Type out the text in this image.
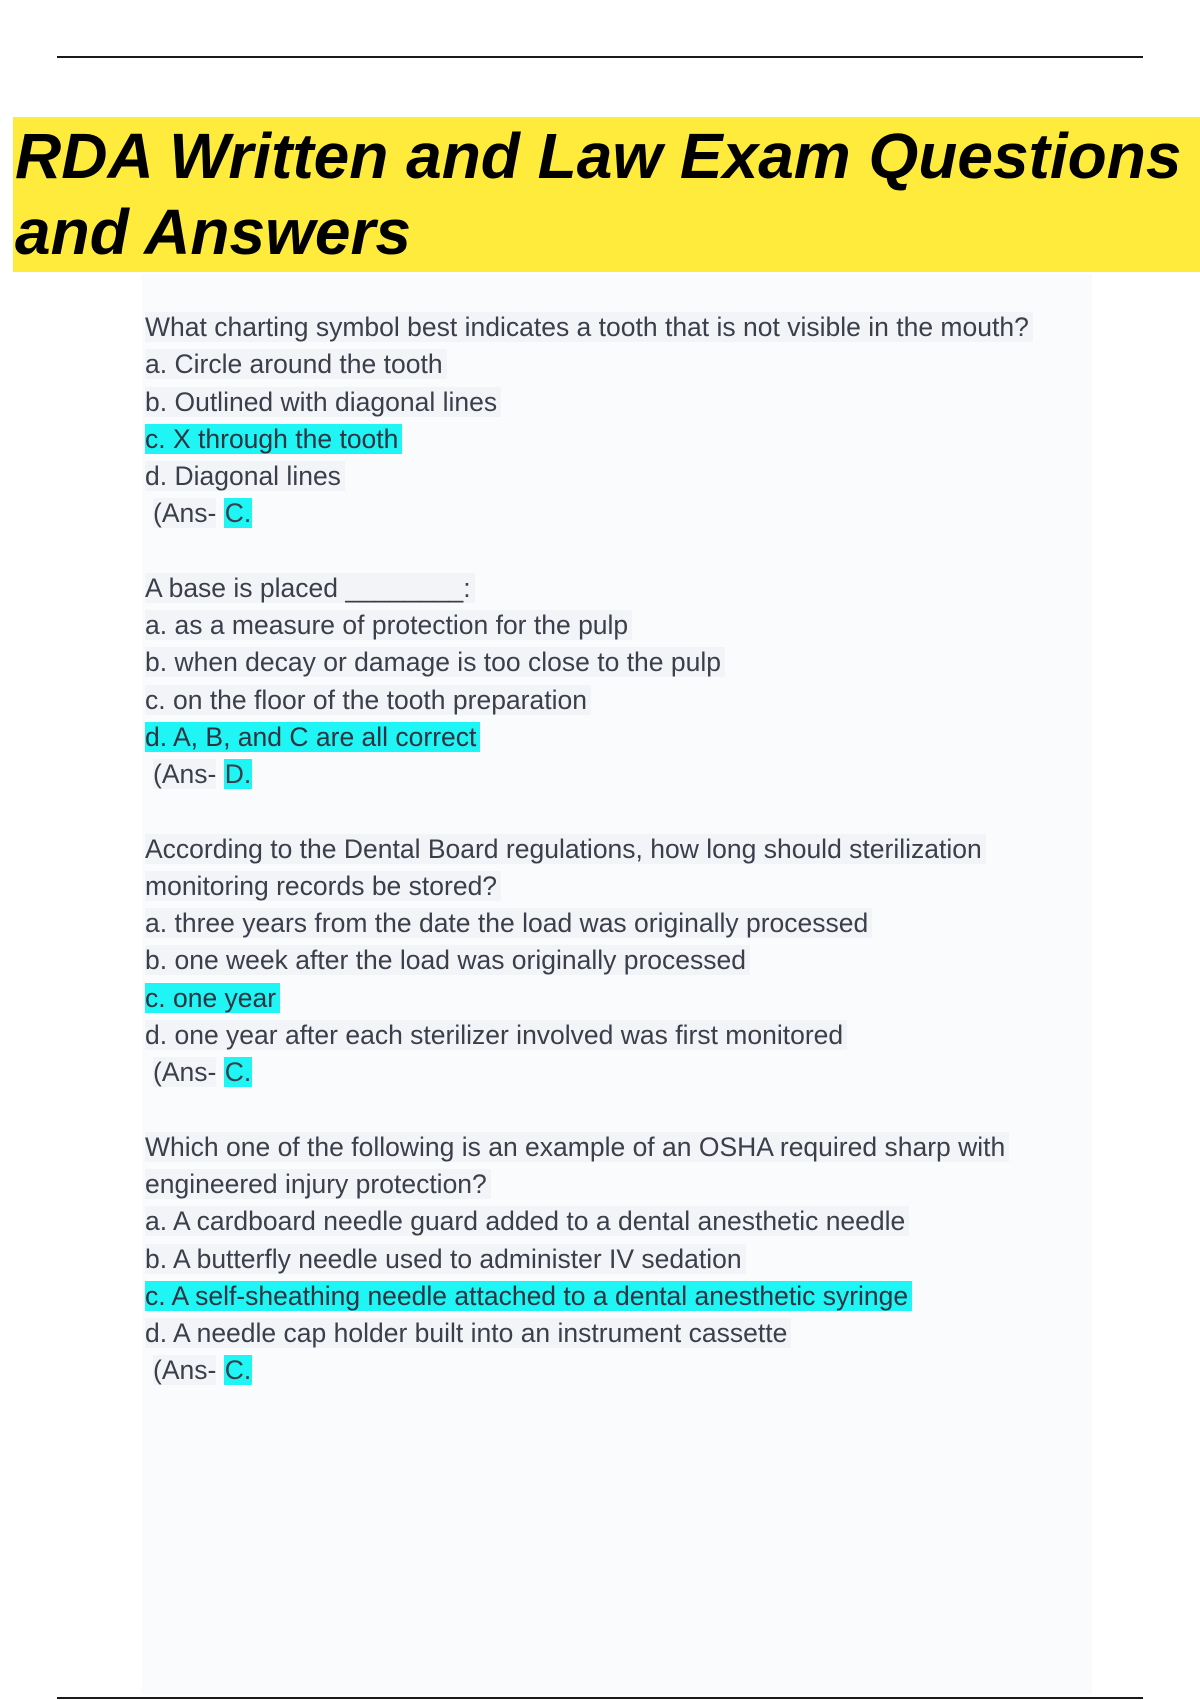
RDA Written and Law Exam Questions and Answers
What charting symbol best indicates a tooth that is not visible in the mouth?
a. Circle around the tooth
b. Outlined with diagonal lines
c. X through the tooth
d. Diagonal lines
(Ans- C.
A base is placed ________:
a. as a measure of protection for the pulp
b. when decay or damage is too close to the pulp
c. on the floor of the tooth preparation
d. A, B, and C are all correct
(Ans- D.
According to the Dental Board regulations, how long should sterilization
monitoring records be stored?
a. three years from the date the load was originally processed
b. one week after the load was originally processed
c. one year
d. one year after each sterilizer involved was first monitored
(Ans- C.
Which one of the following is an example of an OSHA required sharp with
engineered injury protection?
a. A cardboard needle guard added to a dental anesthetic needle
b. A butterfly needle used to administer IV sedation
c. A self-sheathing needle attached to a dental anesthetic syringe
d. A needle cap holder built into an instrument cassette
(Ans- C.
